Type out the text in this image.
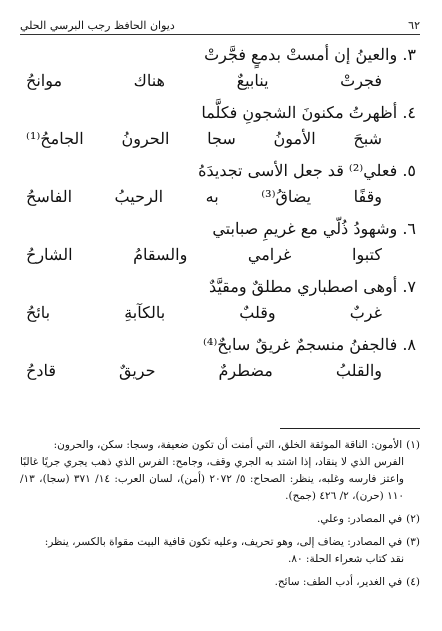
٦٢
ديوان الحافظ رجب البرسي الحلي
٣. والعينُ إن أمستْ بدمعٍ فجَّرتْ
فجرتْ ينابيعٌ هناك موانحُ
٤. أظهرتُ مكنونَ الشجونِ فكلَّما
شبحَ الأمونُ سجا الحرونُ الجامحُ⁽¹⁾
٥. فعلي⁽²⁾ قد جعل الأسى تجديدَهُ
وقفًا يضاقُ⁽³⁾ به الرحيبُ الفاسحُ
٦. وشهودُ ذُلّي مع غريمِ صبابتي
كتبوا غرامي والسقامُ الشارحُ
٧. أوهى اصطباري مطلقٌ ومقيَّدٌ
غربٌ وقلبٌ بالكآبةِ بائحُ
٨. فالجفنُ منسجمٌ غريقٌ سابحٌ⁽⁴⁾
والقلبُ مضطرمٌ حريقٌ قادحُ

(١)الأمون: الناقة الموثقة الخلق، التي أمنت أن تكون ضعيفة، وسجا: سكن، والحرون:
الفرس الذي لا ينقاد، إذا اشتد به الجري وقف، وجامح: الفرس الذي ذهب يجري جريًا غالبًا واعتز فارسه وغلبه، ينظر: الصحاح: ٥/ ٢٠٧٢ (أمن)، لسان العرب: ١٤/ ٣٧١ (سجا)، ١٣/ ١١٠ (حرن)، ٢/ ٤٢٦ (جمح).

(٢)في المصادر: وعلي.

(٣)في المصادر: يضاف إلى، وهو تحريف، وعليه تكون قافية البيت مقواة بالكسر، ينظر:
نقد كتاب شعراء الحلة: ٨٠.

(٤)في الغدير، أدب الطف: سائح.
